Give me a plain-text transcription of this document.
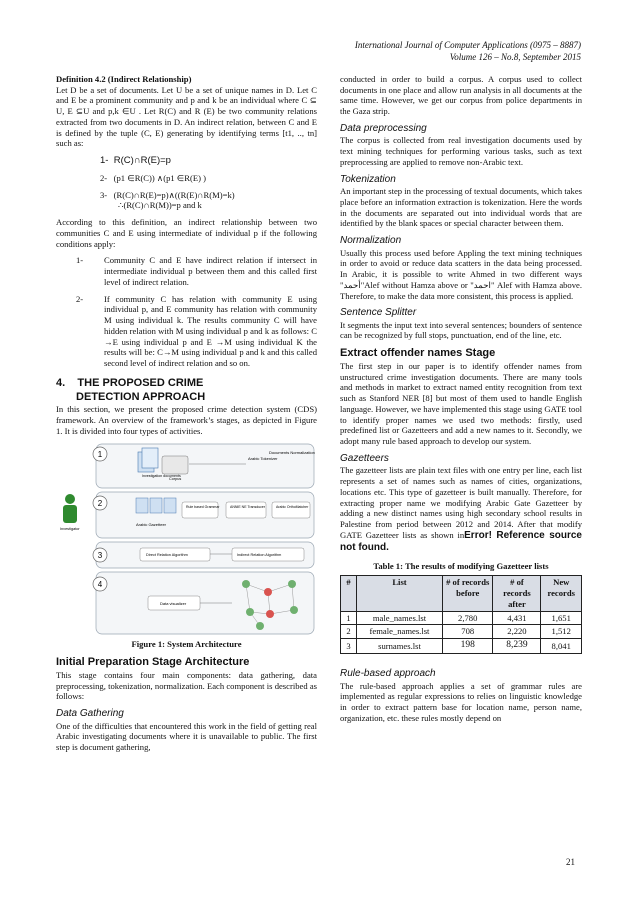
International Journal of Computer Applications (0975 – 8887)
Volume 126 – No.8, September 2015
Definition 4.2 (Indirect Relationship)

Let D be a set of documents. Let U be a set of unique names in D. Let C and E be a prominent community and p and k be an individual where C ⊆ U, E ⊆U and p,k ∈U . Let R(C) and R (E) be two community relations extracted from two documents in D. An indirect relation, between C and E is defined by the tuple (C, E) generating by identifying terms [t1, .., tn] such as:

1- R(C)∩R(E)=p
2- (p1 ∈R(C)) ∧(p1 ∈R(E) )
3- (R(C)∩R(E)=p)∧((R(E)∩R(M)=k)
∴(R(C)∩R(M))=p and k

According to this definition, an indirect relationship between two communities C and E using intermediate of individual p if the following conditions apply:

1-	Community C and E have indirect relation if intersect in intermediate individual p between them and this called first level of indirect relation.
2-	If community C has relation with community E using individual p, and E community has relation with community M using individual k. The results community C will have hidden relation with M using individual p and k as follows: C →E using individual p and E →M using individual K the results will be: C→M using individual p and k and this called second level of indirect relation and so on.
4. THE PROPOSED CRIME
DETECTION APPROACH

In this section, we present the proposed crime detection system (CDS) framework. An overview of the framework’s stages, as depicted in Figure 1. It is divided into four types of activities.

1
2
3
4
Investigation documents
Corpus
Arabic Tokenizer
Documents Normalization
Investigator
Arabic Gazetteer
Rule based Grammar	ANNIE NE Transducer	Arabic OrthoMatcher
Direct Relation Algorithm	Indirect Relation Algorithm
Data visualizer
Figure 1: System Architecture
Initial Preparation Stage Architecture

This stage contains four main components: data gathering, data preprocessing, tokenization, normalization. Each component is described as follows:

Data Gathering

One of the difficulties that encountered this work in the field of getting real Arabic investigating documents where it is unavailable to public. The first step is document gathering,

conducted in order to build a corpus. A corpus used to collect documents in one place and allow run analysis in all documents at the same time. However, we get our corpus from police departments in the Gaza strip.

Data preprocessing

The corpus is collected from real investigation documents used by text mining techniques for performing various tasks, such as text preprocessing are applied to remove non-Arabic text.

Tokenization

An important step in the processing of textual documents, which takes place before an information extraction is tokenization. Here the words in the documents are separated out into individual words that are identified by the blank spaces or special character between them.

Normalization

Usually this process used before Appling the text mining techniques in order to avoid or reduce data scatters in the data being processed. In Arabic, it is possible to write Ahmed in two different ways "أحمد"Alef without Hamza above or "احمد" Alef with Hamza above. Therefore, to make the data more consistent, this process is applied.

Sentence Splitter

It segments the input text into several sentences; bounders of sentence can be recognized by full stops, punctuation, end of the line, etc.

Extract offender names Stage

The first step in our paper is to identify offender names from unstructured crime investigation documents. There are many tools and methods in market to extract named entity recognition from text such as Stanford NER [8] but most of them used to handle English language. However, we have implemented this stage using GATE tool to identify proper names we used two methods: firstly, used predefined list or Gazetteers and add a new names to it. Secondly, we adopt many rule based approach to develop our system.

Gazetteers

The gazetteer lists are plain text files with one entry per line, each list represents a set of names such as names of cities, organizations, locations etc. This type of gazetteer is built manually. Therefore, for extracting proper name we modifying Arabic Gate Gazetteer by adding a new distinct names using high secondary school results in Palestine from period between 2012 and 2014. After that modify GATE Gazetteer lists as shown inError! Reference source not found.

Table 1: The results of modifying Gazetteer lists
#	List	# of records before	# of records after	New records
1	male_names.lst	2,780	4,431	1,651
2	female_names.lst	708	2,220	1,512
3	surnames.lst	198	8,239	8,041
Rule-based approach

The rule-based approach applies a set of grammar rules are implemented as regular expressions to relies on linguistic knowledge in order to extract pattern base for location name, person name, organization, etc. these rules mostly depend on

21
